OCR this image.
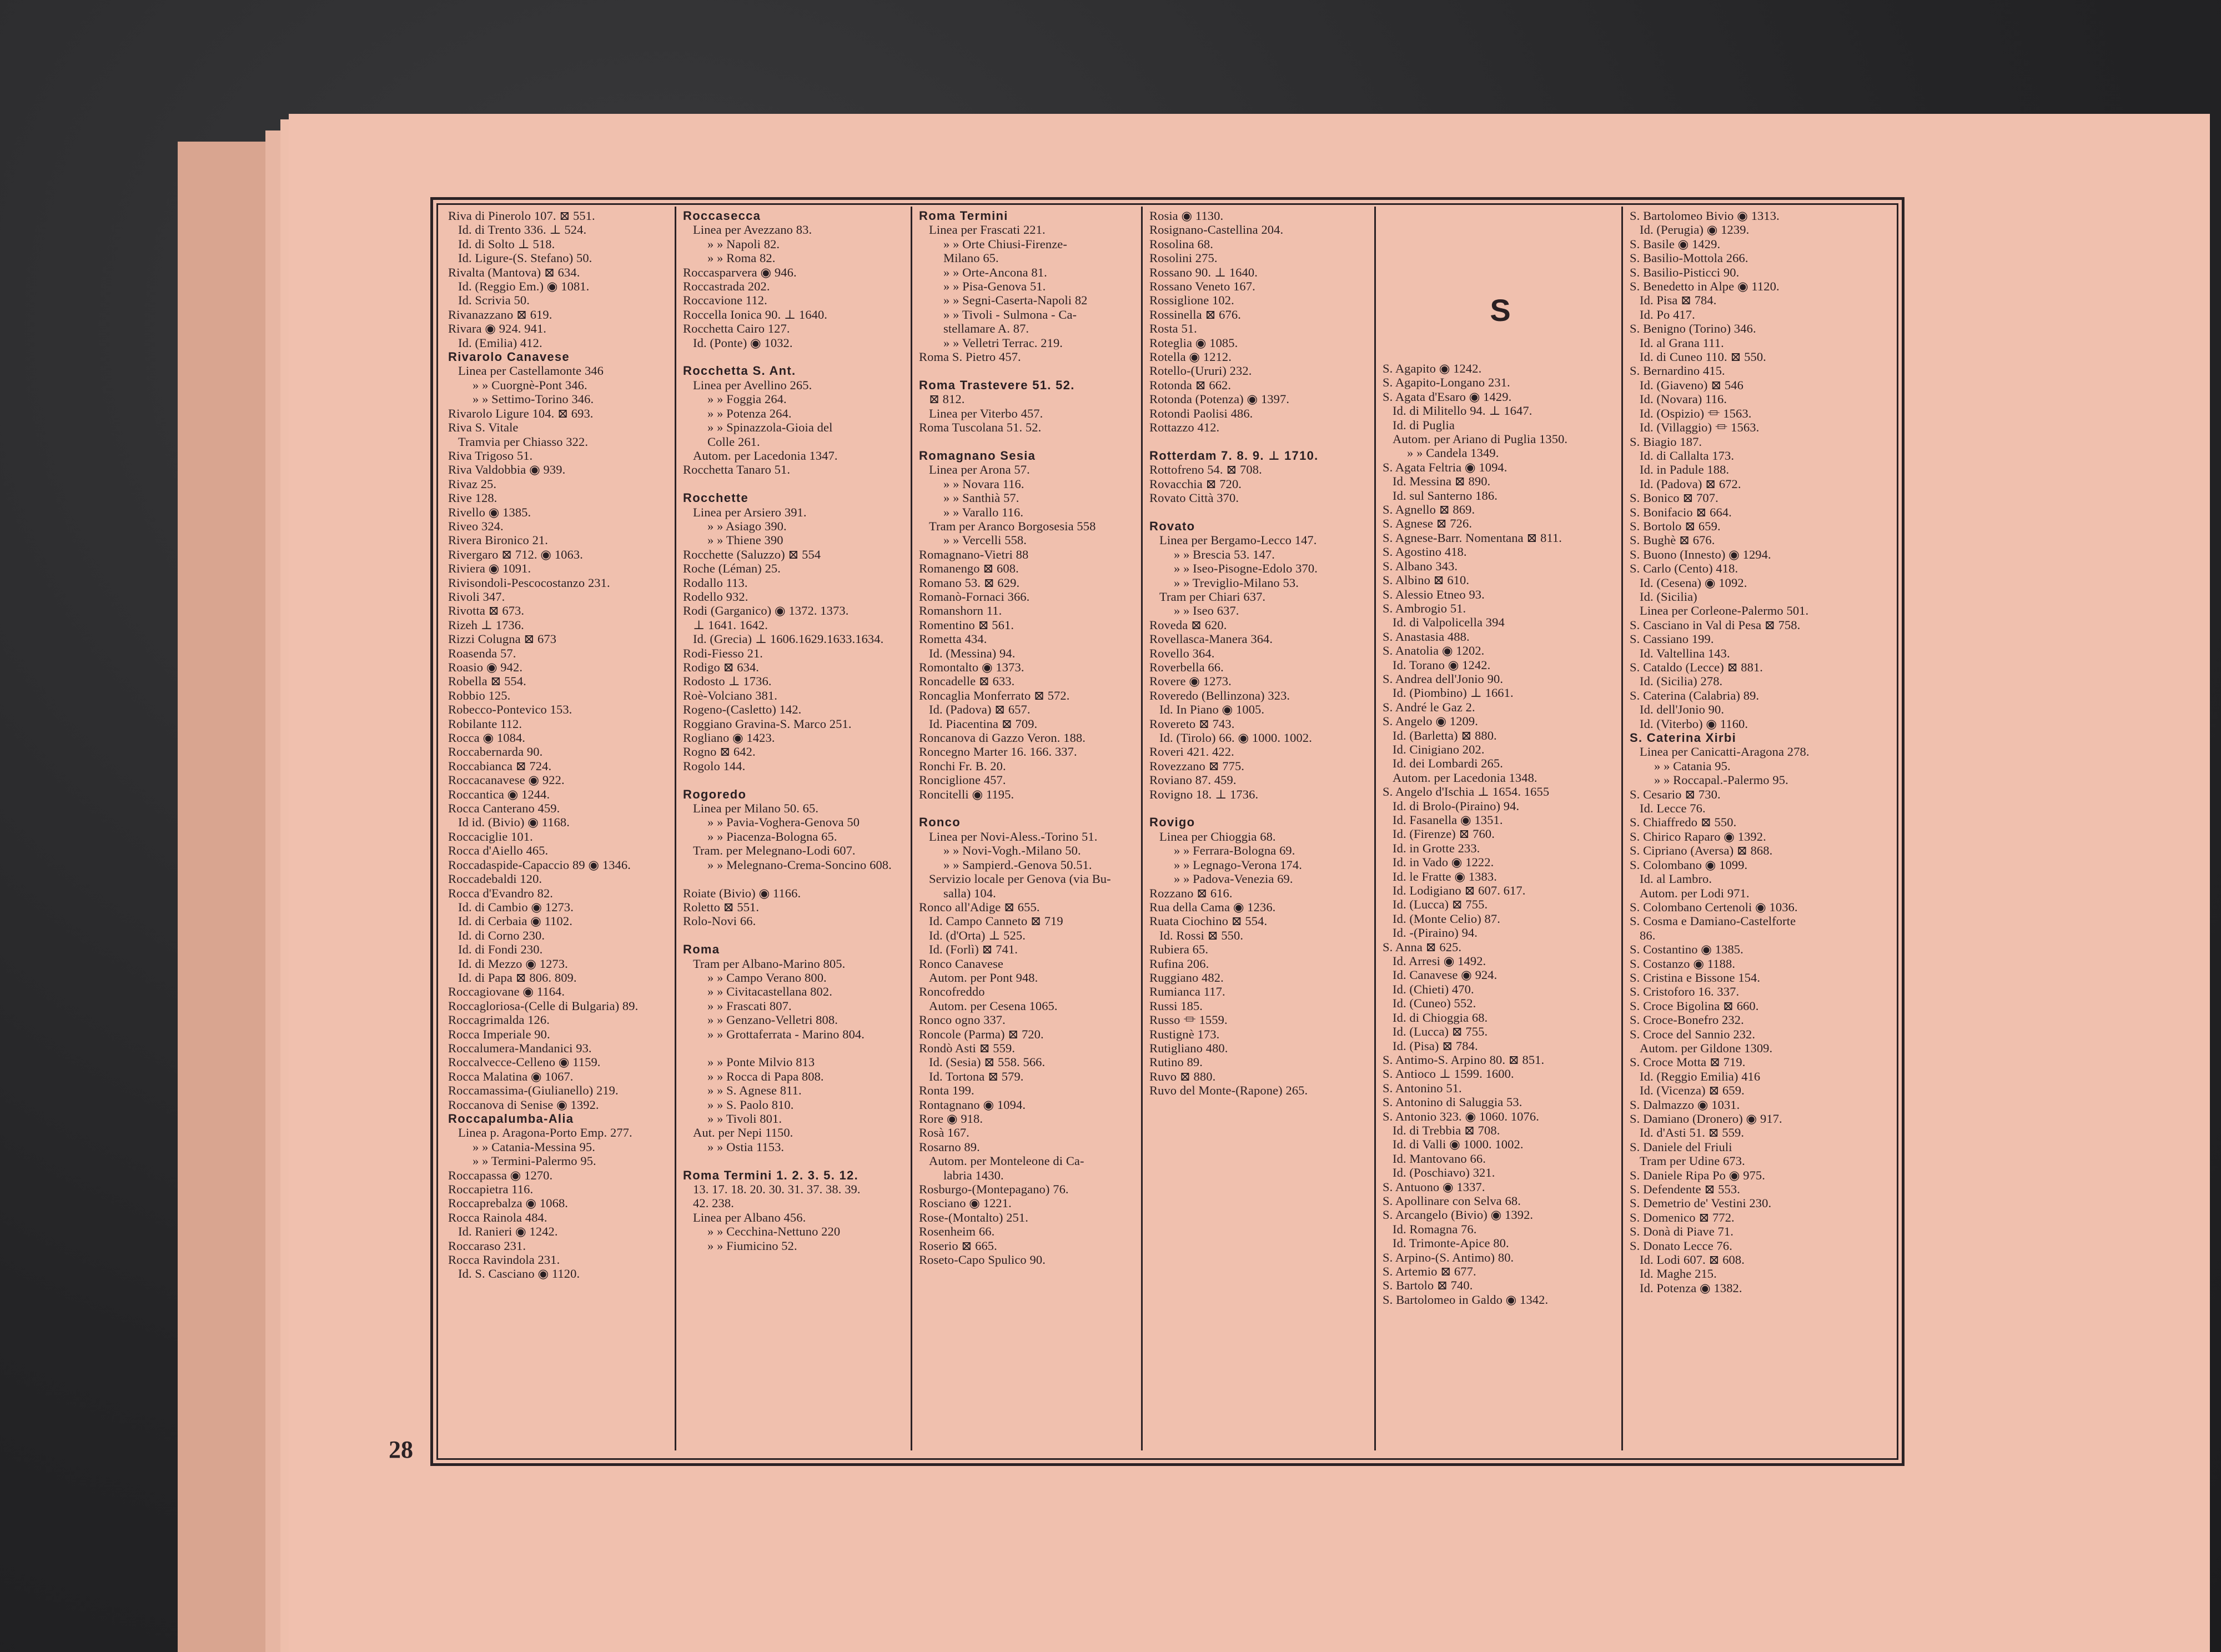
28
Riva di Pinerolo 107. ⊠ 551.
Id. di Trento 336. ⊥ 524.
Id. di Solto ⊥ 518.
Id. Ligure-(S. Stefano) 50.
Rivalta (Mantova) ⊠ 634.
Id. (Reggio Em.) ◉ 1081.
Id. Scrivia 50.
Rivanazzano ⊠ 619.
Rivara ◉ 924. 941.
Id. (Emilia) 412.
Rivarolo Canavese
Linea per Castellamonte 346
» » Cuorgnè-Pont 346.
» » Settimo-Torino 346.
Rivarolo Ligure 104. ⊠ 693.
Riva S. Vitale
Tramvia per Chiasso 322.
Riva Trigoso 51.
Riva Valdobbia ◉ 939.
Rivaz 25.
Rive 128.
Rivello ◉ 1385.
Riveo 324.
Rivera Bironico 21.
Rivergaro ⊠ 712. ◉ 1063.
Riviera ◉ 1091.
Rivisondoli-Pescocostanzo 231.
Rivoli 347.
Rivotta ⊠ 673.
Rizeh ⊥ 1736.
Rizzi Colugna ⊠ 673
Roasenda 57.
Roasio ◉ 942.
Robella ⊠ 554.
Robbio 125.
Robecco-Pontevico 153.
Robilante 112.
Rocca ◉ 1084.
Roccabernarda 90.
Roccabianca ⊠ 724.
Roccacanavese ◉ 922.
Roccantica ◉ 1244.
Rocca Canterano 459.
Id id. (Bivio) ◉ 1168.
Roccaciglie 101.
Rocca d'Aiello 465.
Roccadaspide-Capaccio 89 ◉ 1346.
Roccadebaldi 120.
Rocca d'Evandro 82.
Id. di Cambio ◉ 1273.
Id. di Cerbaia ◉ 1102.
Id. di Corno 230.
Id. di Fondi 230.
Id. di Mezzo ◉ 1273.
Id. di Papa ⊠ 806. 809.
Roccagiovane ◉ 1164.
Roccagloriosa-(Celle di Bulgaria) 89.
Roccagrimalda 126.
Rocca Imperiale 90.
Roccalumera-Mandanici 93.
Roccalvecce-Celleno ◉ 1159.
Rocca Malatina ◉ 1067.
Roccamassima-(Giulianello) 219.
Roccanova di Senise ◉ 1392.
Roccapalumba-Alia
Linea p. Aragona-Porto Emp. 277.
» » Catania-Messina 95.
» » Termini-Palermo 95.
Roccapassa ◉ 1270.
Roccapietra 116.
Roccaprebalza ◉ 1068.
Rocca Rainola 484.
Id. Ranieri ◉ 1242.
Roccaraso 231.
Rocca Ravindola 231.
Id. S. Casciano ◉ 1120.
Roccasecca
Linea per Avezzano 83.
» » Napoli 82.
» » Roma 82.
Roccasparvera ◉ 946.
Roccastrada 202.
Roccavione 112.
Roccella Ionica 90. ⊥ 1640.
Rocchetta Cairo 127.
Id. (Ponte) ◉ 1032.

Rocchetta S. Ant.
Linea per Avellino 265.
» » Foggia 264.
» » Potenza 264.
» » Spinazzola-Gioia del
Colle 261.
Autom. per Lacedonia 1347.
Rocchetta Tanaro 51.

Rocchette
Linea per Arsiero 391.
» » Asiago 390.
» » Thiene 390
Rocchette (Saluzzo) ⊠ 554
Roche (Léman) 25.
Rodallo 113.
Rodello 932.
Rodi (Garganico) ◉ 1372. 1373.
⊥ 1641. 1642.
Id. (Grecia) ⊥ 1606.1629.1633.1634.
Rodi-Fiesso 21.
Rodigo ⊠ 634.
Rodosto ⊥ 1736.
Roè-Volciano 381.
Rogeno-(Casletto) 142.
Roggiano Gravina-S. Marco 251.
Rogliano ◉ 1423.
Rogno ⊠ 642.
Rogolo 144.

Rogoredo
Linea per Milano 50. 65.
» » Pavia-Voghera-Genova 50
» » Piacenza-Bologna 65.
Tram. per Melegnano-Lodi 607.
» » Melegnano-Crema-Soncino 608.

Roiate (Bivio) ◉ 1166.
Roletto ⊠ 551.
Rolo-Novi 66.

Roma
Tram per Albano-Marino 805.
» » Campo Verano 800.
» » Civitacastellana 802.
» » Frascati 807.
» » Genzano-Velletri 808.
» » Grottaferrata - Marino 804.

» » Ponte Milvio 813
» » Rocca di Papa 808.
» » S. Agnese 811.
» » S. Paolo 810.
» » Tivoli 801.
Aut. per Nepi 1150.
» » Ostia 1153.

Roma Termini 1. 2. 3. 5. 12.
13. 17. 18. 20. 30. 31. 37. 38. 39.
42. 238.
Linea per Albano 456.
» » Cecchina-Nettuno 220
» » Fiumicino 52.
Roma Termini
Linea per Frascati 221.
» » Orte Chiusi-Firenze-
Milano 65.
» » Orte-Ancona 81.
» » Pisa-Genova 51.
» » Segni-Caserta-Napoli 82
» » Tivoli - Sulmona - Ca-
stellamare A. 87.
» » Velletri Terrac. 219.
Roma S. Pietro 457.

Roma Trastevere 51. 52.
⊠ 812.
Linea per Viterbo 457.
Roma Tuscolana 51. 52.

Romagnano Sesia
Linea per Arona 57.
» » Novara 116.
» » Santhià 57.
» » Varallo 116.
Tram per Aranco Borgosesia 558
» » Vercelli 558.
Romagnano-Vietri 88
Romanengo ⊠ 608.
Romano 53. ⊠ 629.
Romanò-Fornaci 366.
Romanshorn 11.
Romentino ⊠ 561.
Rometta 434.
Id. (Messina) 94.
Romontalto ◉ 1373.
Roncadelle ⊠ 633.
Roncaglia Monferrato ⊠ 572.
Id. (Padova) ⊠ 657.
Id. Piacentina ⊠ 709.
Roncanova di Gazzo Veron. 188.
Roncegno Marter 16. 166. 337.
Ronchi Fr. B. 20.
Ronciglione 457.
Roncitelli ◉ 1195.

Ronco
Linea per Novi-Aless.-Torino 51.
» » Novi-Vogh.-Milano 50.
» » Sampierd.-Genova 50.51.
Servizio locale per Genova (via Bu-
salla) 104.
Ronco all'Adige ⊠ 655.
Id. Campo Canneto ⊠ 719
Id. (d'Orta) ⊥ 525.
Id. (Forlì) ⊠ 741.
Ronco Canavese
Autom. per Pont 948.
Roncofreddo
Autom. per Cesena 1065.
Ronco ogno 337.
Roncole (Parma) ⊠ 720.
Rondò Asti ⊠ 559.
Id. (Sesia) ⊠ 558. 566.
Id. Tortona ⊠ 579.
Ronta 199.
Rontagnano ◉ 1094.
Rore ◉ 918.
Rosà 167.
Rosarno 89.
Autom. per Monteleone di Ca-
labria 1430.
Rosburgo-(Montepagano) 76.
Rosciano ◉ 1221.
Rose-(Montalto) 251.
Rosenheim 66.
Roserio ⊠ 665.
Roseto-Capo Spulico 90.
Rosia ◉ 1130.
Rosignano-Castellina 204.
Rosolina 68.
Rosolini 275.
Rossano 90. ⊥ 1640.
Rossano Veneto 167.
Rossiglione 102.
Rossinella ⊠ 676.
Rosta 51.
Roteglia ◉ 1085.
Rotella ◉ 1212.
Rotello-(Ururi) 232.
Rotonda ⊠ 662.
Rotonda (Potenza) ◉ 1397.
Rotondi Paolisi 486.
Rottazzo 412.

Rotterdam 7. 8. 9. ⊥ 1710.
Rottofreno 54. ⊠ 708.
Rovacchia ⊠ 720.
Rovato Città 370.

Rovato
Linea per Bergamo-Lecco 147.
» » Brescia 53. 147.
» » Iseo-Pisogne-Edolo 370.
» » Treviglio-Milano 53.
Tram per Chiari 637.
» » Iseo 637.
Roveda ⊠ 620.
Rovellasca-Manera 364.
Rovello 364.
Roverbella 66.
Rovere ◉ 1273.
Roveredo (Bellinzona) 323.
Id. In Piano ◉ 1005.
Rovereto ⊠ 743.
Id. (Tirolo) 66. ◉ 1000. 1002.
Roveri 421. 422.
Rovezzano ⊠ 775.
Roviano 87. 459.
Rovigno 18. ⊥ 1736.

Rovigo
Linea per Chioggia 68.
» » Ferrara-Bologna 69.
» » Legnago-Verona 174.
» » Padova-Venezia 69.
Rozzano ⊠ 616.
Rua della Cama ◉ 1236.
Ruata Ciochino ⊠ 554.
Id. Rossi ⊠ 550.
Rubiera 65.
Rufina 206.
Ruggiano 482.
Rumianca 117.
Russi 185.
Russo ⏛ 1559.
Rustignè 173.
Rutigliano 480.
Rutino 89.
Ruvo ⊠ 880.
Ruvo del Monte-(Rapone) 265.
S
S. Agapito ◉ 1242.
S. Agapito-Longano 231.
S. Agata d'Esaro ◉ 1429.
Id. di Militello 94. ⊥ 1647.
Id. di Puglia
Autom. per Ariano di Puglia 1350.
» » Candela 1349.
S. Agata Feltria ◉ 1094.
Id. Messina ⊠ 890.
Id. sul Santerno 186.
S. Agnello ⊠ 869.
S. Agnese ⊠ 726.
S. Agnese-Barr. Nomentana ⊠ 811.
S. Agostino 418.
S. Albano 343.
S. Albino ⊠ 610.
S. Alessio Etneo 93.
S. Ambrogio 51.
Id. di Valpolicella 394
S. Anastasia 488.
S. Anatolia ◉ 1202.
Id. Torano ◉ 1242.
S. Andrea dell'Jonio 90.
Id. (Piombino) ⊥ 1661.
S. André le Gaz 2.
S. Angelo ◉ 1209.
Id. (Barletta) ⊠ 880.
Id. Cinigiano 202.
Id. dei Lombardi 265.
Autom. per Lacedonia 1348.
S. Angelo d'Ischia ⊥ 1654. 1655
Id. di Brolo-(Piraino) 94.
Id. Fasanella ◉ 1351.
Id. (Firenze) ⊠ 760.
Id. in Grotte 233.
Id. in Vado ◉ 1222.
Id. le Fratte ◉ 1383.
Id. Lodigiano ⊠ 607. 617.
Id. (Lucca) ⊠ 755.
Id. (Monte Celio) 87.
Id. -(Piraino) 94.
S. Anna ⊠ 625.
Id. Arresi ◉ 1492.
Id. Canavese ◉ 924.
Id. (Chieti) 470.
Id. (Cuneo) 552.
Id. di Chioggia 68.
Id. (Lucca) ⊠ 755.
Id. (Pisa) ⊠ 784.
S. Antimo-S. Arpino 80. ⊠ 851.
S. Antioco ⊥ 1599. 1600.
S. Antonino 51.
S. Antonino di Saluggia 53.
S. Antonio 323. ◉ 1060. 1076.
Id. di Trebbia ⊠ 708.
Id. di Valli ◉ 1000. 1002.
Id. Mantovano 66.
Id. (Poschiavo) 321.
S. Antuono ◉ 1337.
S. Apollinare con Selva 68.
S. Arcangelo (Bivio) ◉ 1392.
Id. Romagna 76.
Id. Trimonte-Apice 80.
S. Arpino-(S. Antimo) 80.
S. Artemio ⊠ 677.
S. Bartolo ⊠ 740.
S. Bartolomeo in Galdo ◉ 1342.
S. Bartolomeo Bivio ◉ 1313.
Id. (Perugia) ◉ 1239.
S. Basile ◉ 1429.
S. Basilio-Mottola 266.
S. Basilio-Pisticci 90.
S. Benedetto in Alpe ◉ 1120.
Id. Pisa ⊠ 784.
Id. Po 417.
S. Benigno (Torino) 346.
Id. al Grana 111.
Id. di Cuneo 110. ⊠ 550.
S. Bernardino 415.
Id. (Giaveno) ⊠ 546
Id. (Novara) 116.
Id. (Ospizio) ⏛ 1563.
Id. (Villaggio) ⏛ 1563.
S. Biagio 187.
Id. di Callalta 173.
Id. in Padule 188.
Id. (Padova) ⊠ 672.
S. Bonico ⊠ 707.
S. Bonifacio ⊠ 664.
S. Bortolo ⊠ 659.
S. Bughè ⊠ 676.
S. Buono (Innesto) ◉ 1294.
S. Carlo (Cento) 418.
Id. (Cesena) ◉ 1092.
Id. (Sicilia)
Linea per Corleone-Palermo 501.
S. Casciano in Val di Pesa ⊠ 758.
S. Cassiano 199.
Id. Valtellina 143.
S. Cataldo (Lecce) ⊠ 881.
Id. (Sicilia) 278.
S. Caterina (Calabria) 89.
Id. dell'Jonio 90.
Id. (Viterbo) ◉ 1160.
S. Caterina Xirbi
Linea per Canicatti-Aragona 278.
» » Catania 95.
» » Roccapal.-Palermo 95.
S. Cesario ⊠ 730.
Id. Lecce 76.
S. Chiaffredo ⊠ 550.
S. Chirico Raparo ◉ 1392.
S. Cipriano (Aversa) ⊠ 868.
S. Colombano ◉ 1099.
Id. al Lambro.
Autom. per Lodi 971.
S. Colombano Certenoli ◉ 1036.
S. Cosma e Damiano-Castelforte
86.
S. Costantino ◉ 1385.
S. Costanzo ◉ 1188.
S. Cristina e Bissone 154.
S. Cristoforo 16. 337.
S. Croce Bigolina ⊠ 660.
S. Croce-Bonefro 232.
S. Croce del Sannio 232.
Autom. per Gildone 1309.
S. Croce Motta ⊠ 719.
Id. (Reggio Emilia) 416
Id. (Vicenza) ⊠ 659.
S. Dalmazzo ◉ 1031.
S. Damiano (Dronero) ◉ 917.
Id. d'Asti 51. ⊠ 559.
S. Daniele del Friuli
Tram per Udine 673.
S. Daniele Ripa Po ◉ 975.
S. Defendente ⊠ 553.
S. Demetrio de' Vestini 230.
S. Domenico ⊠ 772.
S. Donà di Piave 71.
S. Donato Lecce 76.
Id. Lodi 607. ⊠ 608.
Id. Maghe 215.
Id. Potenza ◉ 1382.
